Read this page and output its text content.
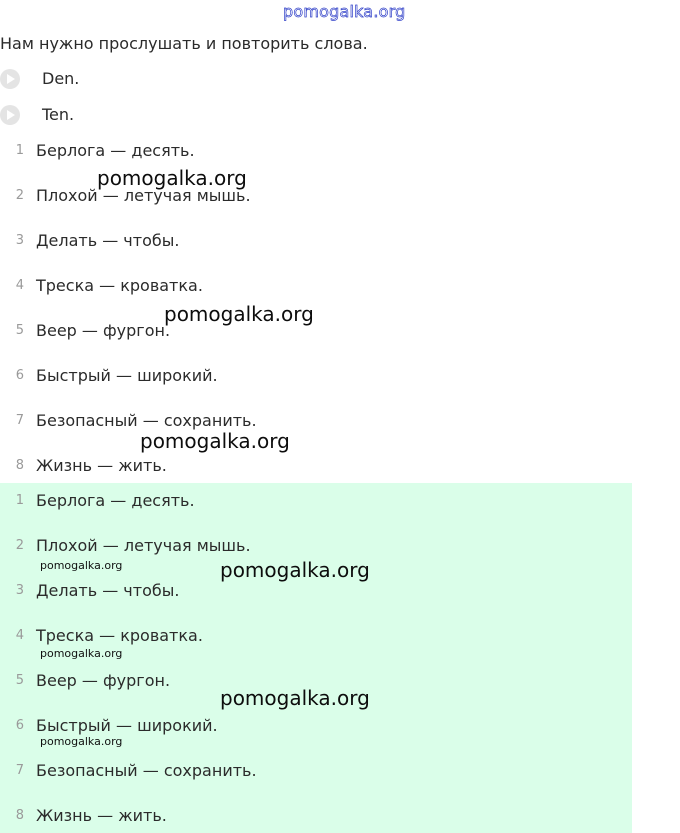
pomogalka.org
Нам нужно прослушать и повторить слова.
Den.
Ten.
1 Берлога — десять.
2 Плохой — летучая мышь.
3 Делать — чтобы.
4 Треска — кроватка.
5 Веер — фургон.
6 Быстрый — широкий.
7 Безопасный — сохранить.
8 Жизнь — жить.
1 Берлога — десять.
2 Плохой — летучая мышь.
3 Делать — чтобы.
4 Треска — кроватка.
5 Веер — фургон.
6 Быстрый — широкий.
7 Безопасный — сохранить.
8 Жизнь — жить.
pomogalka.org
pomogalka.org
pomogalka.org
pomogalka.org
pomogalka.org
pomogalka.org
pomogalka.org
pomogalka.org
